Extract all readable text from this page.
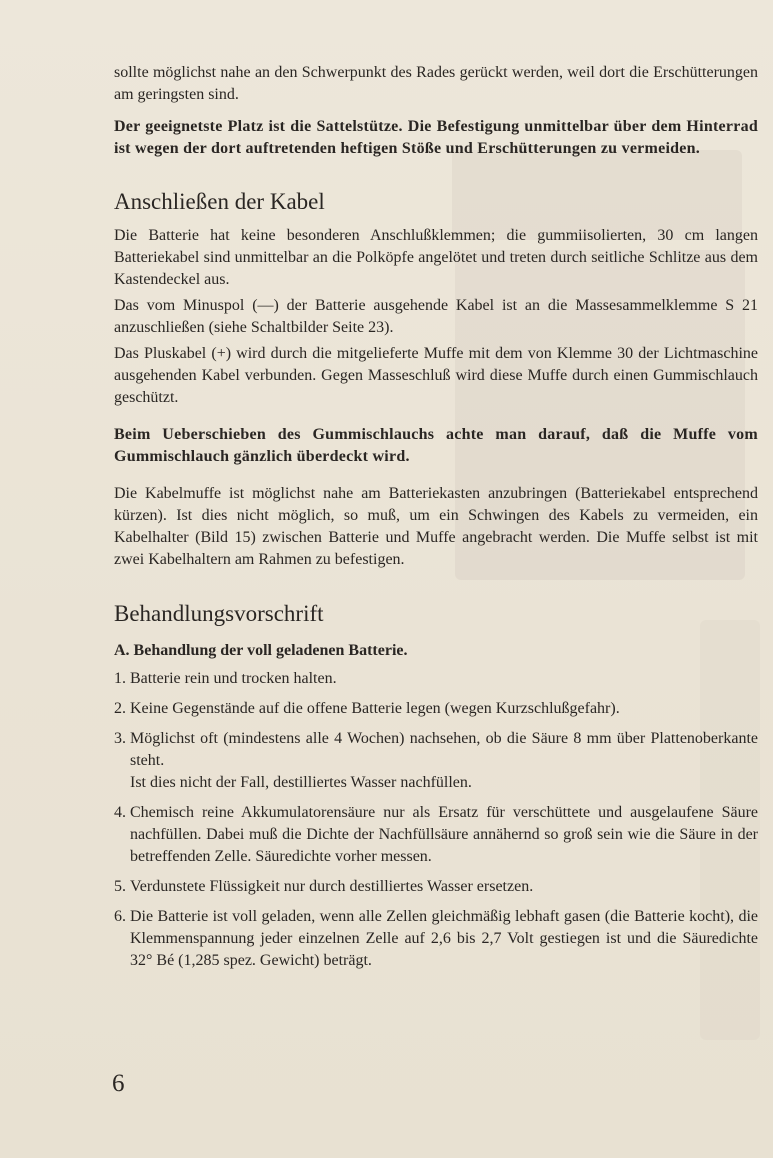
sollte möglichst nahe an den Schwerpunkt des Rades gerückt werden, weil dort die Erschütterungen am geringsten sind.

Der geeignetste Platz ist die Sattelstütze. Die Befestigung unmittelbar über dem Hinterrad ist wegen der dort auftretenden heftigen Stöße und Erschütterungen zu vermeiden.

Anschließen der Kabel

Die Batterie hat keine besonderen Anschlußklemmen; die gummiisolierten, 30 cm langen Batteriekabel sind unmittelbar an die Polköpfe angelötet und treten durch seitliche Schlitze aus dem Kastendeckel aus.

Das vom Minuspol (—) der Batterie ausgehende Kabel ist an die Massesammelklemme S 21 anzuschließen (siehe Schaltbilder Seite 23).

Das Pluskabel (+) wird durch die mitgelieferte Muffe mit dem von Klemme 30 der Lichtmaschine ausgehenden Kabel verbunden. Gegen Masseschluß wird diese Muffe durch einen Gummischlauch geschützt.

Beim Ueberschieben des Gummischlauchs achte man darauf, daß die Muffe vom Gummischlauch gänzlich überdeckt wird.

Die Kabelmuffe ist möglichst nahe am Batteriekasten anzubringen (Batteriekabel entsprechend kürzen). Ist dies nicht möglich, so muß, um ein Schwingen des Kabels zu vermeiden, ein Kabelhalter (Bild 15) zwischen Batterie und Muffe angebracht werden. Die Muffe selbst ist mit zwei Kabelhaltern am Rahmen zu befestigen.

Behandlungsvorschrift

A. Behandlung der voll geladenen Batterie.

1. Batterie rein und trocken halten.
2. Keine Gegenstände auf die offene Batterie legen (wegen Kurzschlußgefahr).
3. Möglichst oft (mindestens alle 4 Wochen) nachsehen, ob die Säure 8 mm über Plattenoberkante steht.
Ist dies nicht der Fall, destilliertes Wasser nachfüllen.
4. Chemisch reine Akkumulatorensäure nur als Ersatz für verschüttete und ausgelaufene Säure nachfüllen. Dabei muß die Dichte der Nachfüllsäure annähernd so groß sein wie die Säure in der betreffenden Zelle. Säuredichte vorher messen.
5. Verdunstete Flüssigkeit nur durch destilliertes Wasser ersetzen.
6. Die Batterie ist voll geladen, wenn alle Zellen gleichmäßig lebhaft gasen (die Batterie kocht), die Klemmenspannung jeder einzelnen Zelle auf 2,6 bis 2,7 Volt gestiegen ist und die Säuredichte 32° Bé (1,285 spez. Gewicht) beträgt.
6
